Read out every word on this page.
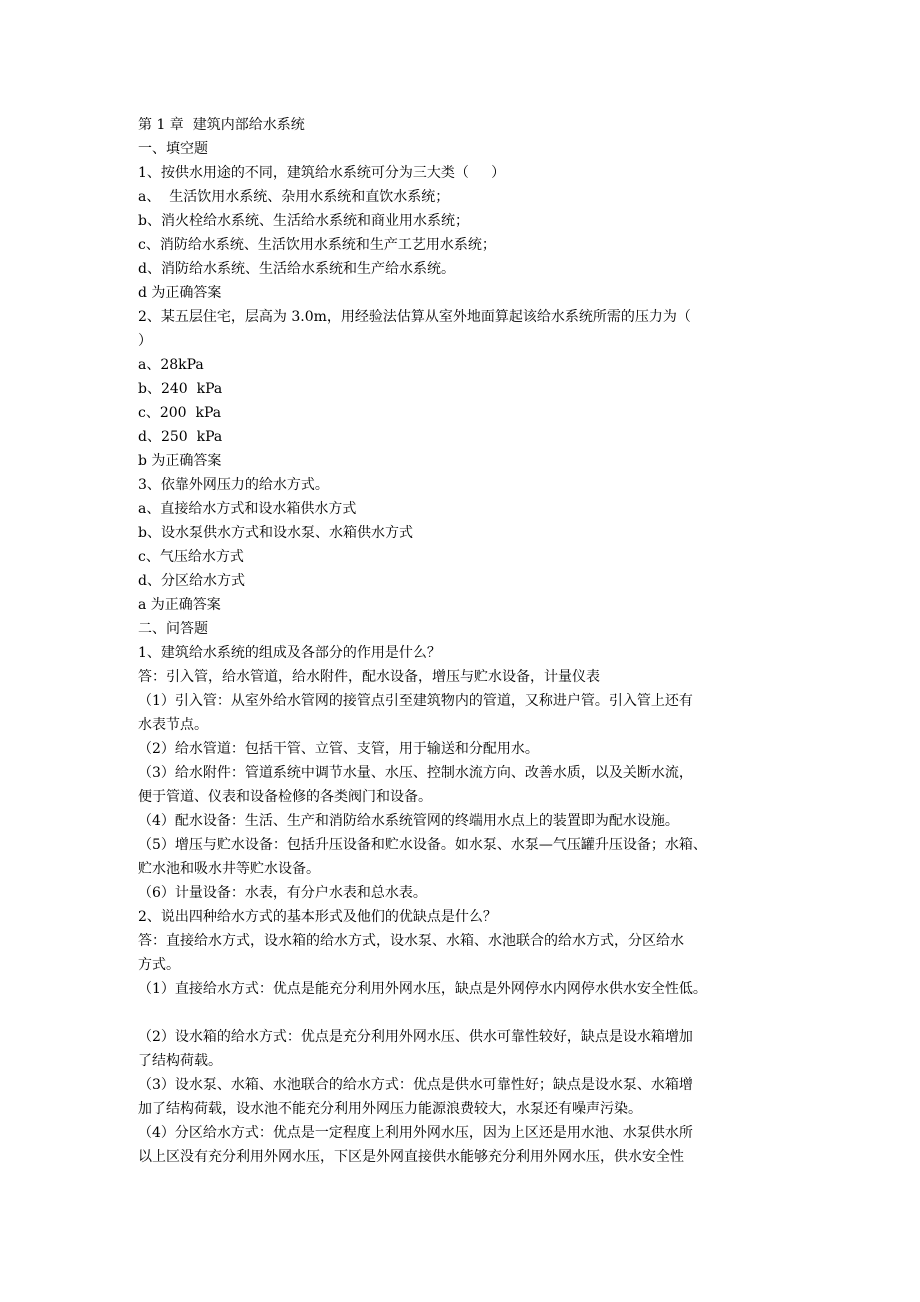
第 1 章  建筑内部给水系统
一、填空题
1、按供水用途的不同，建筑给水系统可分为三大类（     ）
a、  生活饮用水系统、杂用水系统和直饮水系统；
b、消火栓给水系统、生活给水系统和商业用水系统；
c、消防给水系统、生活饮用水系统和生产工艺用水系统；
d、消防给水系统、生活给水系统和生产给水系统。
d 为正确答案
2、某五层住宅，层高为 3.0m，用经验法估算从室外地面算起该给水系统所需的压力为（
）
a、28kPa
b、240  kPa
c、200  kPa
d、250  kPa
b 为正确答案
3、依靠外网压力的给水方式。
a、直接给水方式和设水箱供水方式
b、设水泵供水方式和设水泵、水箱供水方式
c、气压给水方式
d、分区给水方式
a 为正确答案
二、问答题
1、建筑给水系统的组成及各部分的作用是什么？
答：引入管，给水管道，给水附件，配水设备，增压与贮水设备，计量仪表
（1）引入管：从室外给水管网的接管点引至建筑物内的管道，又称进户管。引入管上还有
水表节点。
（2）给水管道：包括干管、立管、支管，用于输送和分配用水。
（3）给水附件：管道系统中调节水量、水压、控制水流方向、改善水质，以及关断水流，
便于管道、仪表和设备检修的各类阀门和设备。
（4）配水设备：生活、生产和消防给水系统管网的终端用水点上的装置即为配水设施。
（5）增压与贮水设备：包括升压设备和贮水设备。如水泵、水泵—气压罐升压设备；水箱、
贮水池和吸水井等贮水设备。
（6）计量设备：水表，有分户水表和总水表。
2、说出四种给水方式的基本形式及他们的优缺点是什么？
答：直接给水方式，设水箱的给水方式，设水泵、水箱、水池联合的给水方式，分区给水
方式。
（1）直接给水方式：优点是能充分利用外网水压，缺点是外网停水内网停水供水安全性低。
（2）设水箱的给水方式：优点是充分利用外网水压、供水可靠性较好，缺点是设水箱增加
了结构荷载。
（3）设水泵、水箱、水池联合的给水方式：优点是供水可靠性好；缺点是设水泵、水箱增
加了结构荷载，设水池不能充分利用外网压力能源浪费较大，水泵还有噪声污染。
（4）分区给水方式：优点是一定程度上利用外网水压，因为上区还是用水池、水泵供水所
以上区没有充分利用外网水压，下区是外网直接供水能够充分利用外网水压，供水安全性
